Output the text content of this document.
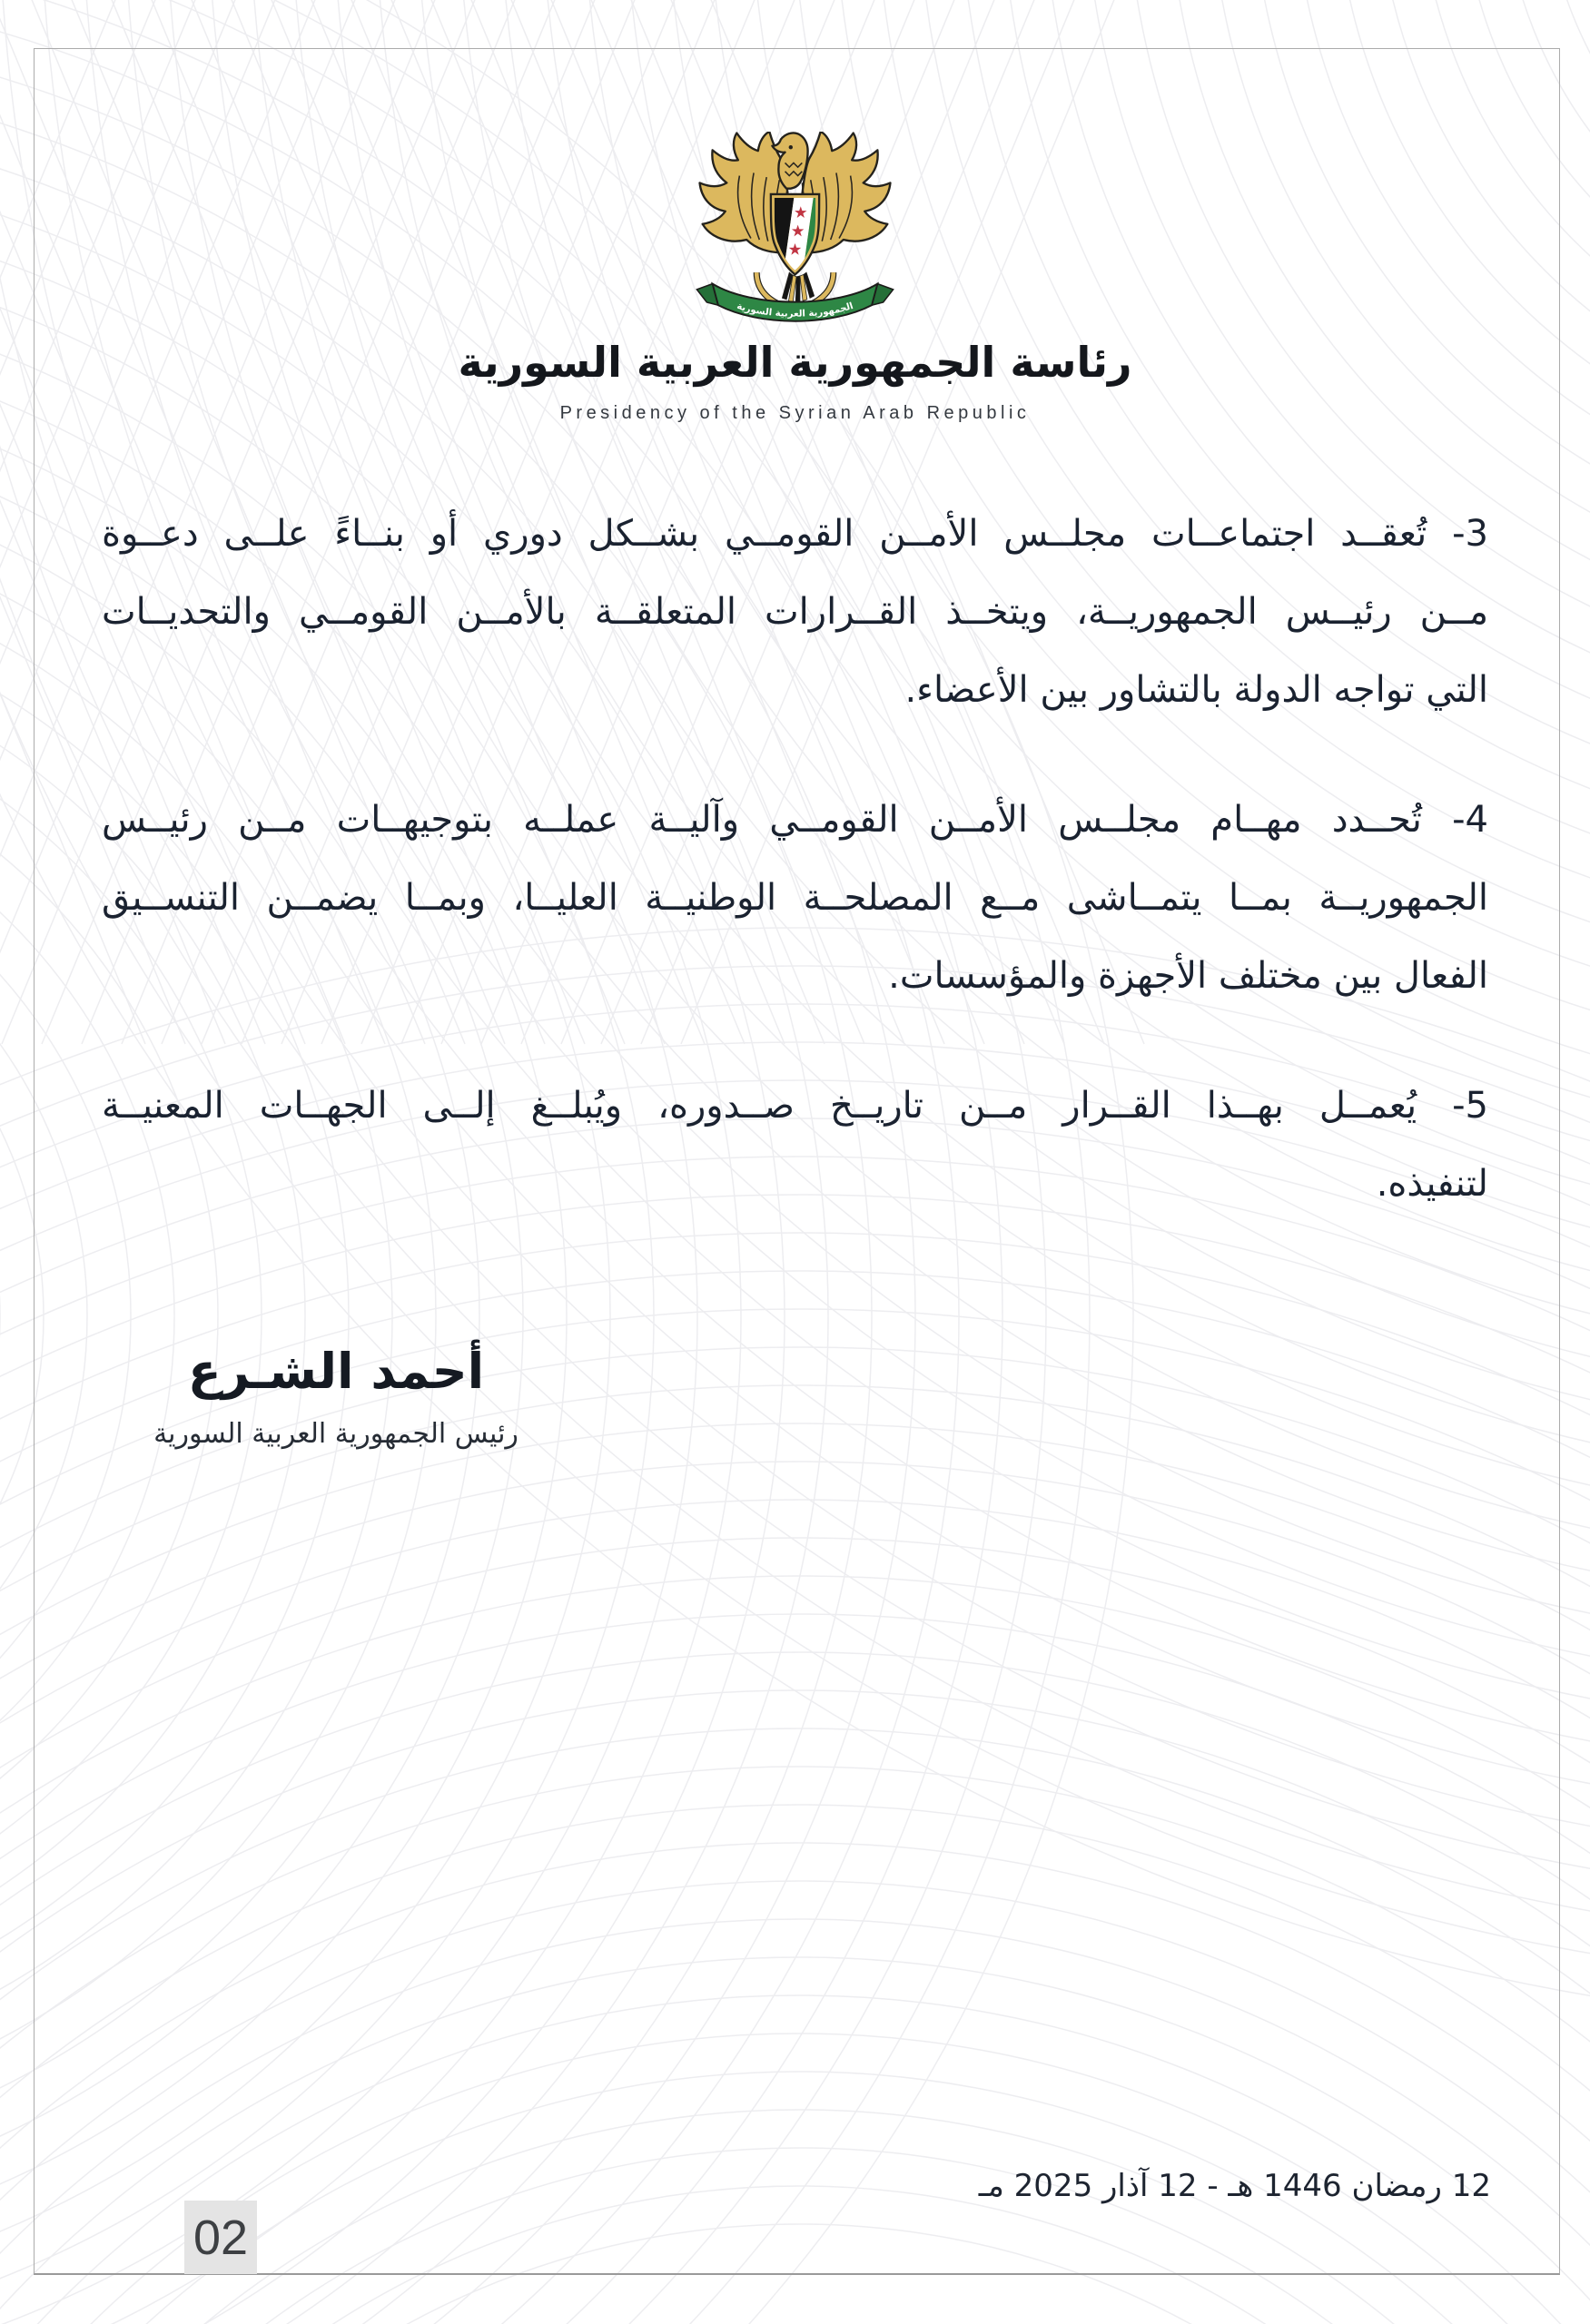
الجمهورية العربية السورية
رئاسة الجمهورية العربية السورية
Presidency of the Syrian Arab Republic
3- تُعقــد اجتماعــات مجلــس الأمــن القومــي بشــكل دوري أو بنــاءً علــى دعــوة
مــن رئيــس الجمهوريــة، ويتخــذ القــرارات المتعلقــة بالأمــن القومــي والتحديــات
التي تواجه الدولة بالتشاور بين الأعضاء.
4- تُحــدد مهــام مجلــس الأمــن القومــي وآليــة عملــه بتوجيهــات مــن رئيــس
الجمهوريــة بمــا يتمــاشى مــع المصلحــة الوطنيــة العليــا، وبمــا يضمــن التنســيق
الفعال بين مختلف الأجهزة والمؤسسات.
5- يُعمــل بهــذا القــرار مــن تاريــخ صــدوره، ويُبلــغ إلــى الجهــات المعنيــة
لتنفيذه.
أحمد الشـرع
رئيس الجمهورية العربية السورية
12 رمضان 1446 هـ - 12 آذار 2025 مـ
02
